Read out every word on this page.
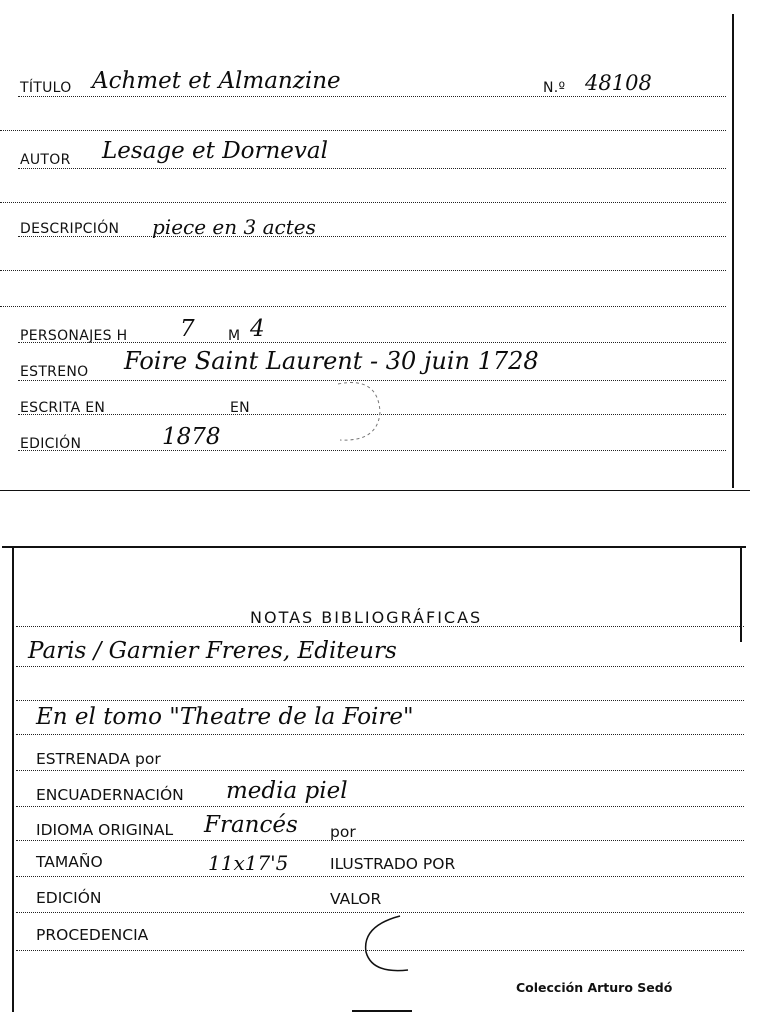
TÍTULO Achmet et Almanzine	N.º 48108
AUTOR Lesage et Dorneval
DESCRIPCIÓN piece en 3 actes
PERSONAJES H 7 M 4
ESTRENO Foire Saint Laurent - 30 juin 1728
ESCRITA EN	EN
EDICIÓN	1878
NOTAS BIBLIOGRÁFICAS
Paris / Garnier Freres, Editeurs
En el tomo "Theatre de la Foire"
ESTRENADA por
ENCUADERNACIÓN media piel
IDIOMA ORIGINAL Francés por
TAMAÑO	11x17'5	ILUSTRADO POR
EDICIÓN	VALOR
PROCEDENCIA
Colección Arturo Sedó
